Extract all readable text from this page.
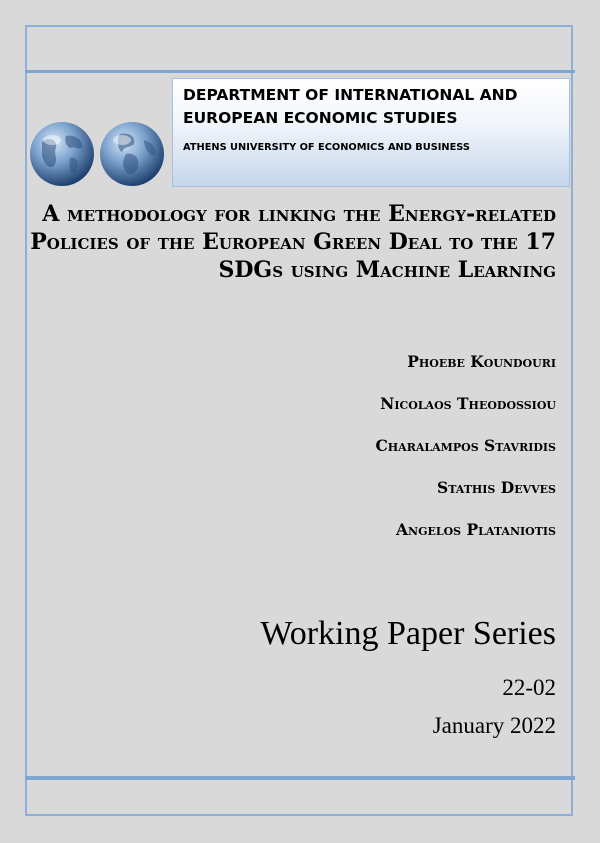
DEPARTMENT OF INTERNATIONAL AND EUROPEAN ECONOMIC STUDIES

ATHENS UNIVERSITY OF ECONOMICS AND BUSINESS
A methodology for linking the Energy-related Policies of the European Green Deal to the 17 SDGs using Machine Learning
Phoebe Koundouri
Nicolaos Theodossiou
Charalampos Stavridis
Stathis Devves
Angelos Plataniotis
Working Paper Series
22-02
January 2022
